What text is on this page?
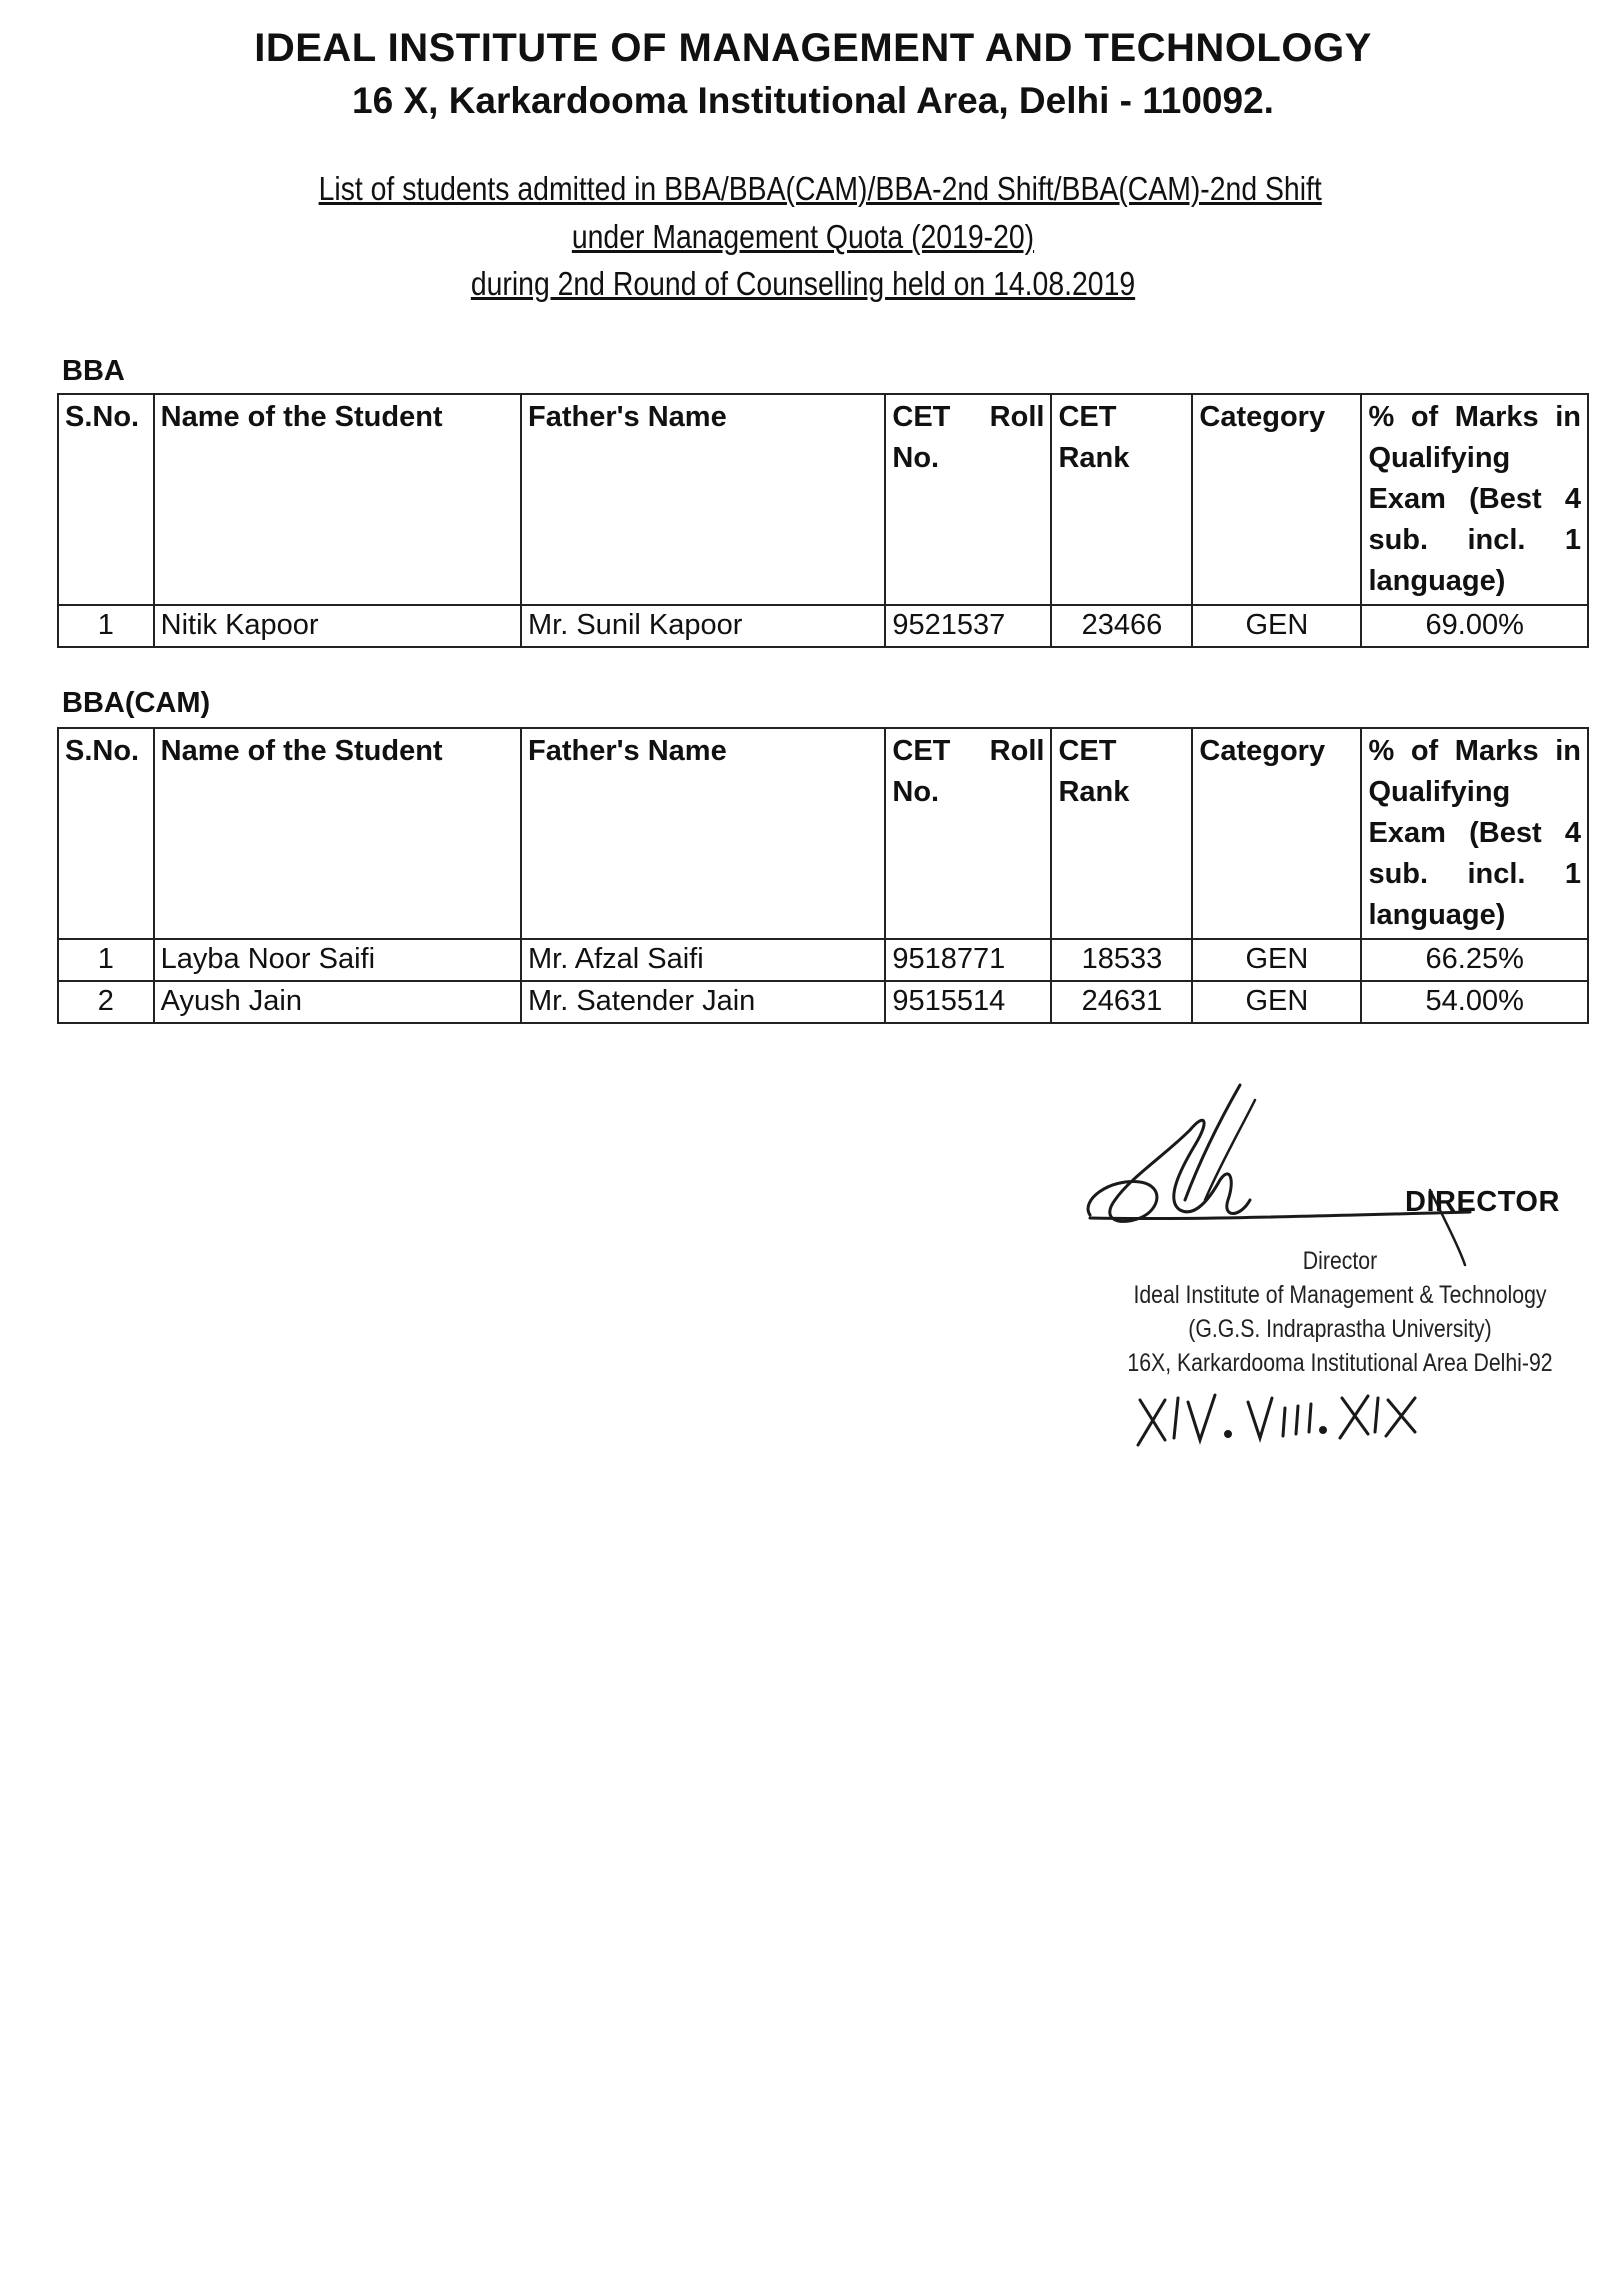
IDEAL INSTITUTE OF MANAGEMENT AND TECHNOLOGY
16 X, Karkardooma Institutional Area, Delhi - 110092.
List of students admitted in BBA/BBA(CAM)/BBA-2nd Shift/BBA(CAM)-2nd Shift
under Management Quota (2019-20)
during 2nd Round of Counselling held on 14.08.2019
BBA
S.No.	Name of the Student	Father's Name	CET Roll No.	CET Rank	Category	% of Marks in Qualifying Exam (Best 4 sub. incl. 1 language)
1	Nitik Kapoor	Mr. Sunil Kapoor	9521537	23466	GEN	69.00%
BBA(CAM)
S.No.	Name of the Student	Father's Name	CET Roll No.	CET Rank	Category	% of Marks in Qualifying Exam (Best 4 sub. incl. 1 language)
1	Layba Noor Saifi	Mr. Afzal Saifi	9518771	18533	GEN	66.25%
2	Ayush Jain	Mr. Satender Jain	9515514	24631	GEN	54.00%
DIRECTOR
Director
Ideal Institute of Management & Technology
(G.G.S. Indraprastha University)
16X, Karkardooma Institutional Area Delhi-92
